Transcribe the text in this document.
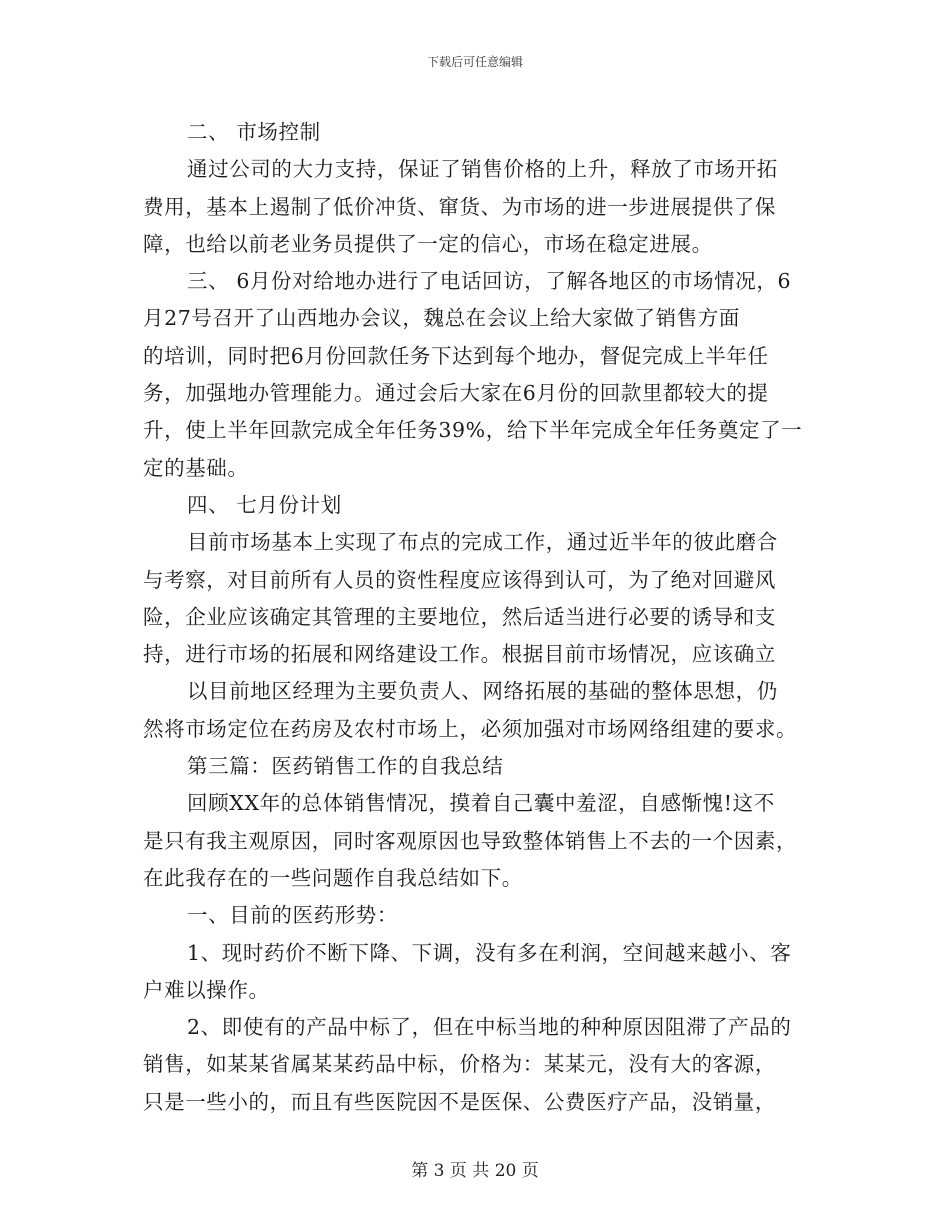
下载后可任意编辑
二、 市场控制
通过公司的大力支持，保证了销售价格的上升，释放了市场开拓
费用，基本上遏制了低价冲货、窜货、为市场的进一步进展提供了保
障，也给以前老业务员提供了一定的信心，市场在稳定进展。
三、 6月份对给地办进行了电话回访，了解各地区的市场情况，6
月27号召开了山西地办会议，魏总在会议上给大家做了销售方面
的培训，同时把6月份回款任务下达到每个地办，督促完成上半年任
务，加强地办管理能力。通过会后大家在6月份的回款里都较大的提
升，使上半年回款完成全年任务39%，给下半年完成全年任务奠定了一
定的基础。
四、 七月份计划
目前市场基本上实现了布点的完成工作，通过近半年的彼此磨合
与考察，对目前所有人员的资性程度应该得到认可，为了绝对回避风
险，企业应该确定其管理的主要地位，然后适当进行必要的诱导和支
持，进行市场的拓展和网络建设工作。根据目前市场情况，应该确立
以目前地区经理为主要负责人、网络拓展的基础的整体思想，仍
然将市场定位在药房及农村市场上，必须加强对市场网络组建的要求。
第三篇：医药销售工作的自我总结
回顾XX年的总体销售情况，摸着自己囊中羞涩，自感惭愧!这不
是只有我主观原因，同时客观原因也导致整体销售上不去的一个因素，
在此我存在的一些问题作自我总结如下。
一、目前的医药形势：
1、现时药价不断下降、下调，没有多在利润，空间越来越小、客
户难以操作。
2、即使有的产品中标了，但在中标当地的种种原因阻滞了产品的
销售，如某某省属某某药品中标，价格为：某某元，没有大的客源，
只是一些小的，而且有些医院因不是医保、公费医疗产品，没销量，
第 3 页 共 20 页
